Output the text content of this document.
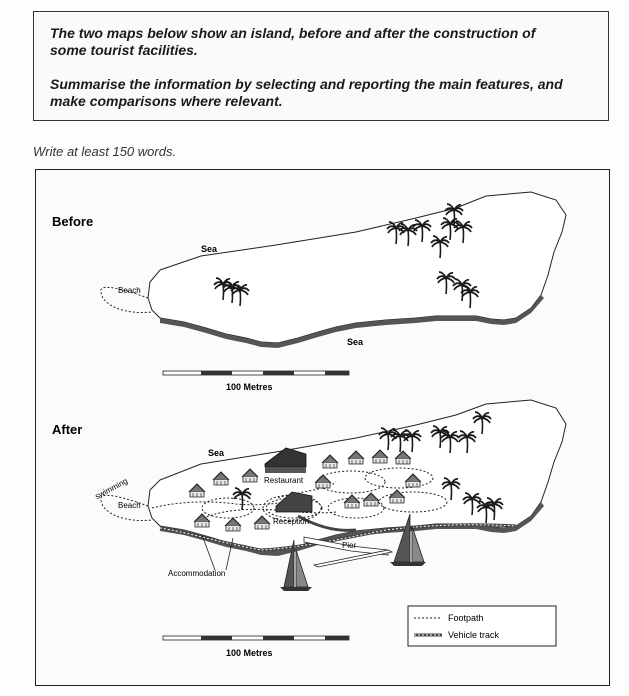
The two maps below show an island, before and after the construction of

some tourist facilities.

Summarise the information by selecting and reporting the main features, and

make comparisons where relevant.

Write at least 150 words.
Before
Beach
Sea
Sea
100 Metres
After
Restaurant
Reception
Accommodation
Pier
Sea
swimming
Beach
Footpath
Vehicle track
100 Metres
